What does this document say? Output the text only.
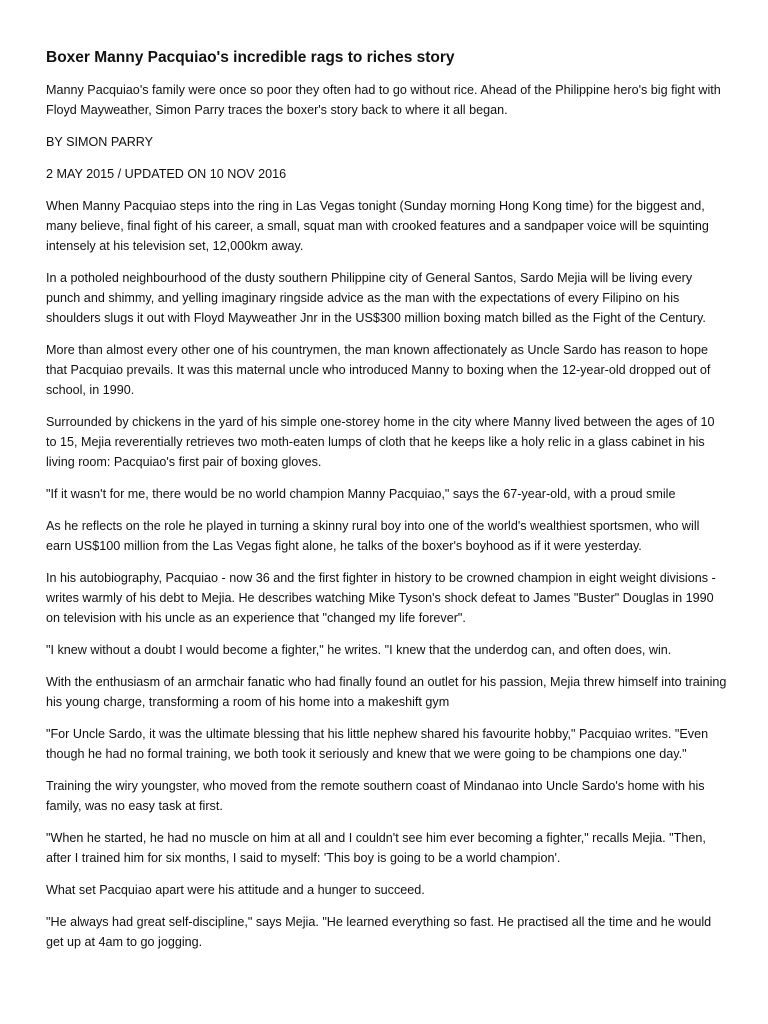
Boxer Manny Pacquiao's incredible rags to riches story

Manny Pacquiao's family were once so poor they often had to go without rice. Ahead of the Philippine hero's big fight with Floyd Mayweather, Simon Parry traces the boxer's story back to where it all began.

BY SIMON PARRY

2 MAY 2015 / UPDATED ON 10 NOV 2016

When Manny Pacquiao steps into the ring in Las Vegas tonight (Sunday morning Hong Kong time) for the biggest and, many believe, final fight of his career, a small, squat man with crooked features and a sandpaper voice will be squinting intensely at his television set, 12,000km away.

In a potholed neighbourhood of the dusty southern Philippine city of General Santos, Sardo Mejia will be living every punch and shimmy, and yelling imaginary ringside advice as the man with the expectations of every Filipino on his shoulders slugs it out with Floyd Mayweather Jnr in the US$300 million boxing match billed as the Fight of the Century.

More than almost every other one of his countrymen, the man known affectionately as Uncle Sardo has reason to hope that Pacquiao prevails. It was this maternal uncle who introduced Manny to boxing when the 12-year-old dropped out of school, in 1990.

Surrounded by chickens in the yard of his simple one-storey home in the city where Manny lived between the ages of 10 to 15, Mejia reverentially retrieves two moth-eaten lumps of cloth that he keeps like a holy relic in a glass cabinet in his living room: Pacquiao's first pair of boxing gloves.

"If it wasn't for me, there would be no world champion Manny Pacquiao," says the 67-year-old, with a proud smile

As he reflects on the role he played in turning a skinny rural boy into one of the world's wealthiest sportsmen, who will earn US$100 million from the Las Vegas fight alone, he talks of the boxer's boyhood as if it were yesterday.

In his autobiography, Pacquiao - now 36 and the first fighter in history to be crowned champion in eight weight divisions - writes warmly of his debt to Mejia. He describes watching Mike Tyson's shock defeat to James "Buster" Douglas in 1990 on television with his uncle as an experience that "changed my life forever".

"I knew without a doubt I would become a fighter," he writes. "I knew that the underdog can, and often does, win.

With the enthusiasm of an armchair fanatic who had finally found an outlet for his passion, Mejia threw himself into training his young charge, transforming a room of his home into a makeshift gym

"For Uncle Sardo, it was the ultimate blessing that his little nephew shared his favourite hobby," Pacquiao writes. "Even though he had no formal training, we both took it seriously and knew that we were going to be champions one day."

Training the wiry youngster, who moved from the remote southern coast of Mindanao into Uncle Sardo's home with his family, was no easy task at first.

"When he started, he had no muscle on him at all and I couldn't see him ever becoming a fighter," recalls Mejia. "Then, after I trained him for six months, I said to myself: 'This boy is going to be a world champion'.

What set Pacquiao apart were his attitude and a hunger to succeed.

"He always had great self-discipline," says Mejia. "He learned everything so fast. He practised all the time and he would get up at 4am to go jogging.
